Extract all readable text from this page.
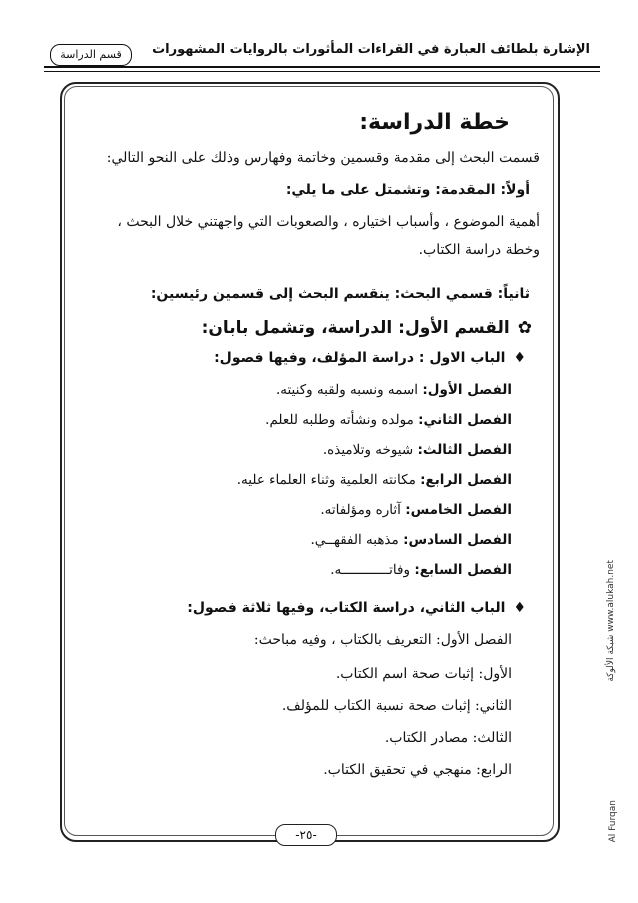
الإشارة بلطائف العبارة في القراءات المأثورات بالروايات المشهورات
قسم الدراسة
خطة الدراسة:
قسمت البحث إلى مقدمة وقسمين وخاتمة وفهارس وذلك على النحو التالي:
أولاً: المقدمة: وتشمتل على ما يلي:
أهمية الموضوع ، وأسباب اختياره ، والصعوبات التي واجهتني خلال البحث ،
وخطة دراسة الكتاب.
ثانياً: قسمي البحث: ينقسم البحث إلى قسمين رئيسين:
✿القسم الأول: الدراسة، وتشمل بابان:
♦الباب الاول : دراسة المؤلف، وفيها فصول:
الفصل الأول: اسمه ونسبه ولقبه وكنيته.
الفصل الثاني: مولده ونشأته وطلبه للعلم.
الفصل الثالث: شيوخه وتلاميذه.
الفصل الرابع: مكانته العلمية وثناء العلماء عليه.
الفصل الخامس: آثاره ومؤلفاته.
الفصل السادس: مذهبه الفقهــي.
الفصل السابع: وفاتــــــــــــه.
♦الباب الثاني، دراسة الكتاب، وفيها ثلاثة فصول:
الفصل الأول: التعريف بالكتاب ، وفيه مباحث:
الأول: إثبات صحة اسم الكتاب.
الثاني: إثبات صحة نسبة الكتاب للمؤلف.
الثالث: مصادر الكتاب.
الرابع: منهجي في تحقيق الكتاب.
-٢٥-
شبكة الألوكة www.alukah.net
Al Furqan
